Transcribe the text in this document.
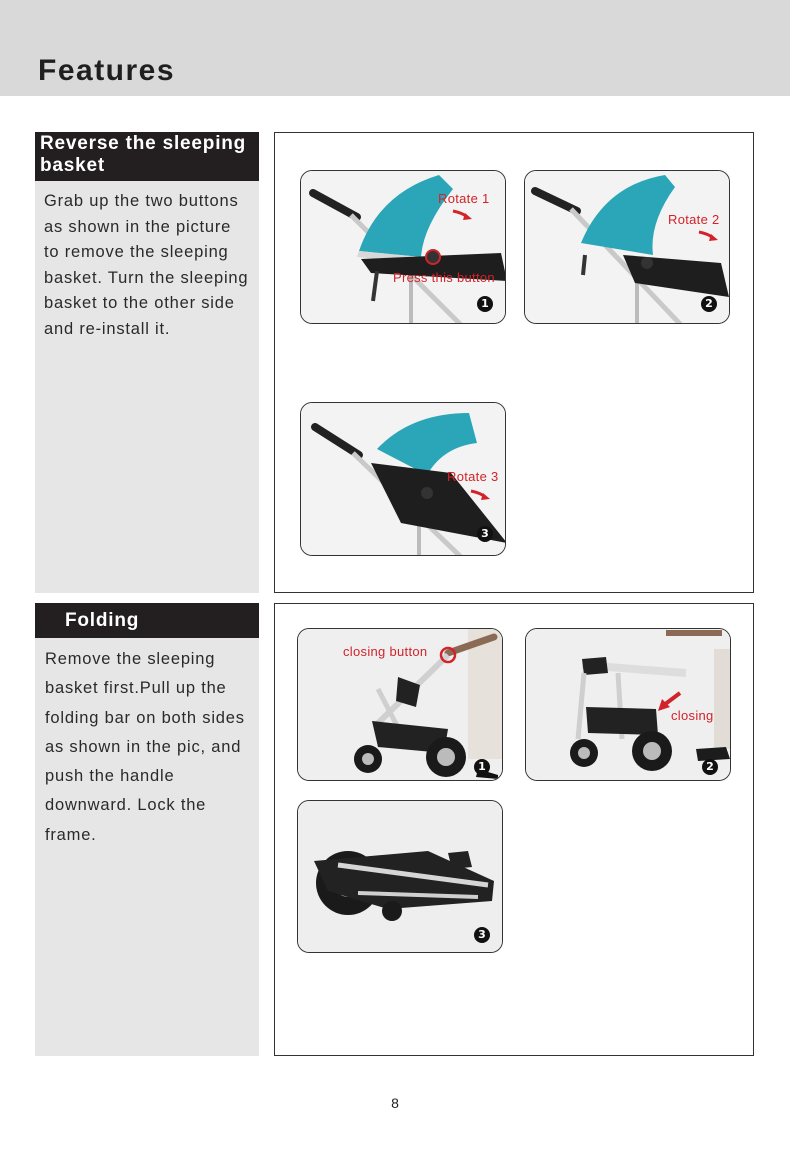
Features
Reverse the sleeping basket
Grab up the two buttons as shown in the picture to remove the sleeping basket. Turn the sleeping basket to the other side and re-install it.
Rotate 1
Press this button
1
Rotate 2
2
Rotate 3
3
Folding
Remove the sleeping basket first.Pull up the folding bar on both sides as shown in the pic, and push the handle downward. Lock the frame.
closing button
1
closing
2
3
8
